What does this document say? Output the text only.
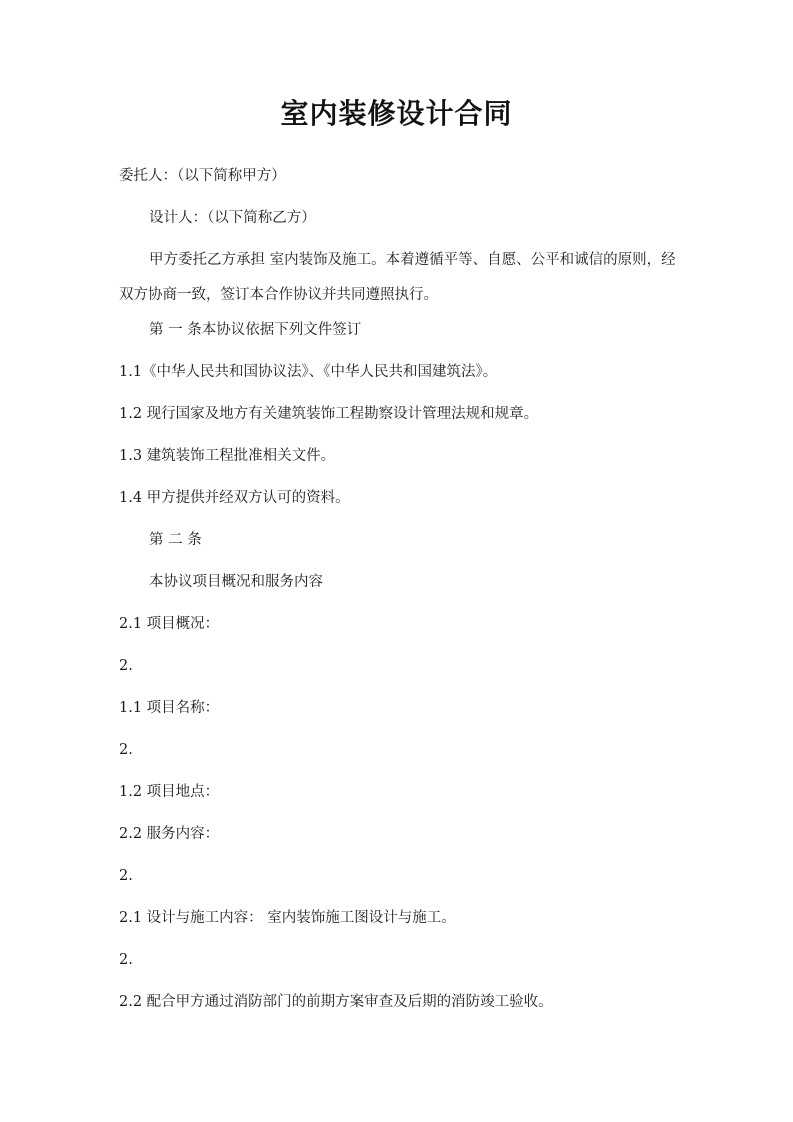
室内装修设计合同

委托人：（以下简称甲方）

设计人：（以下简称乙方）

甲方委托乙方承担 室内装饰及施工。本着遵循平等、自愿、公平和诚信的原则，经双方协商一致，签订本合作协议并共同遵照执行。

第 一 条本协议依据下列文件签订

1.1《中华人民共和国协议法》、《中华人民共和国建筑法》。

1.2 现行国家及地方有关建筑装饰工程勘察设计管理法规和规章。

1.3 建筑装饰工程批准相关文件。

1.4 甲方提供并经双方认可的资料。

第 二 条

本协议项目概况和服务内容

2.1 项目概况：

2.

1.1 项目名称：

2.

1.2 项目地点：

2.2 服务内容：

2.

2.1 设计与施工内容： 室内装饰施工图设计与施工。

2.

2.2 配合甲方通过消防部门的前期方案审查及后期的消防竣工验收。
